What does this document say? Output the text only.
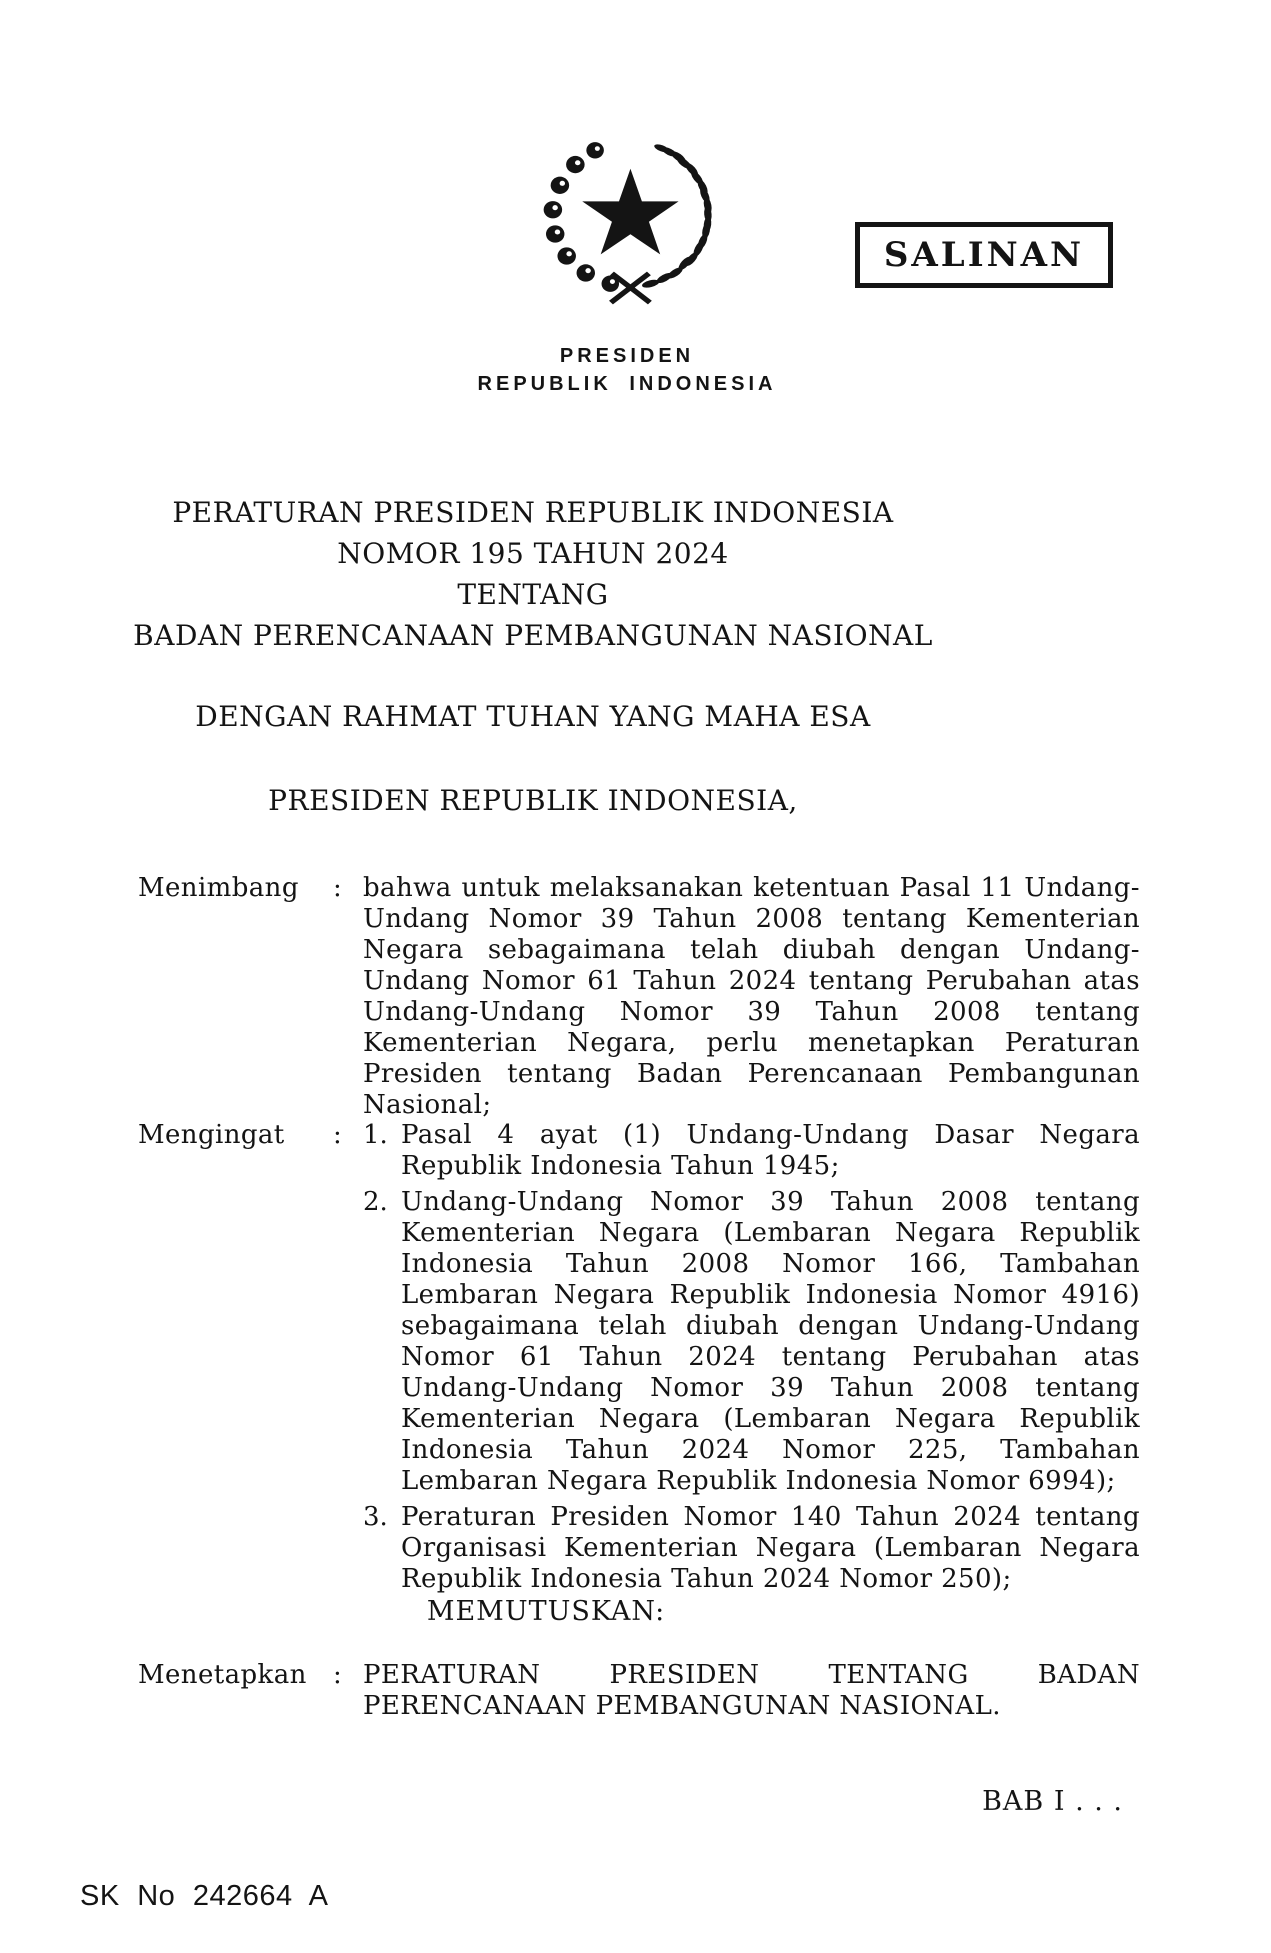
SALINAN
PRESIDEN
REPUBLIK INDONESIA
PERATURAN PRESIDEN REPUBLIK INDONESIA
NOMOR 195 TAHUN 2024
TENTANG
BADAN PERENCANAAN PEMBANGUNAN NASIONAL
DENGAN RAHMAT TUHAN YANG MAHA ESA
PRESIDEN REPUBLIK INDONESIA,
Menimbang	: bahwa untuk melaksanakan ketentuan Pasal 11 Undang-Undang Nomor 39 Tahun 2008 tentang Kementerian Negara sebagaimana telah diubah dengan Undang-Undang Nomor 61 Tahun 2024 tentang Perubahan atas Undang-Undang Nomor 39 Tahun 2008 tentang Kementerian Negara, perlu menetapkan Peraturan Presiden tentang Badan Perencanaan Pembangunan Nasional;
Mengingat	: 1. Pasal 4 ayat (1) Undang-Undang Dasar Negara Republik Indonesia Tahun 1945;
2. Undang-Undang Nomor 39 Tahun 2008 tentang Kementerian Negara (Lembaran Negara Republik Indonesia Tahun 2008 Nomor 166, Tambahan Lembaran Negara Republik Indonesia Nomor 4916) sebagaimana telah diubah dengan Undang-Undang Nomor 61 Tahun 2024 tentang Perubahan atas Undang-Undang Nomor 39 Tahun 2008 tentang Kementerian Negara (Lembaran Negara Republik Indonesia Tahun 2024 Nomor 225, Tambahan Lembaran Negara Republik Indonesia Nomor 6994);
3. Peraturan Presiden Nomor 140 Tahun 2024 tentang Organisasi Kementerian Negara (Lembaran Negara Republik Indonesia Tahun 2024 Nomor 250);
MEMUTUSKAN:
Menetapkan	: PERATURAN PRESIDEN TENTANG BADAN PERENCANAAN PEMBANGUNAN NASIONAL.
BAB I . . .
SK No 242664 A
